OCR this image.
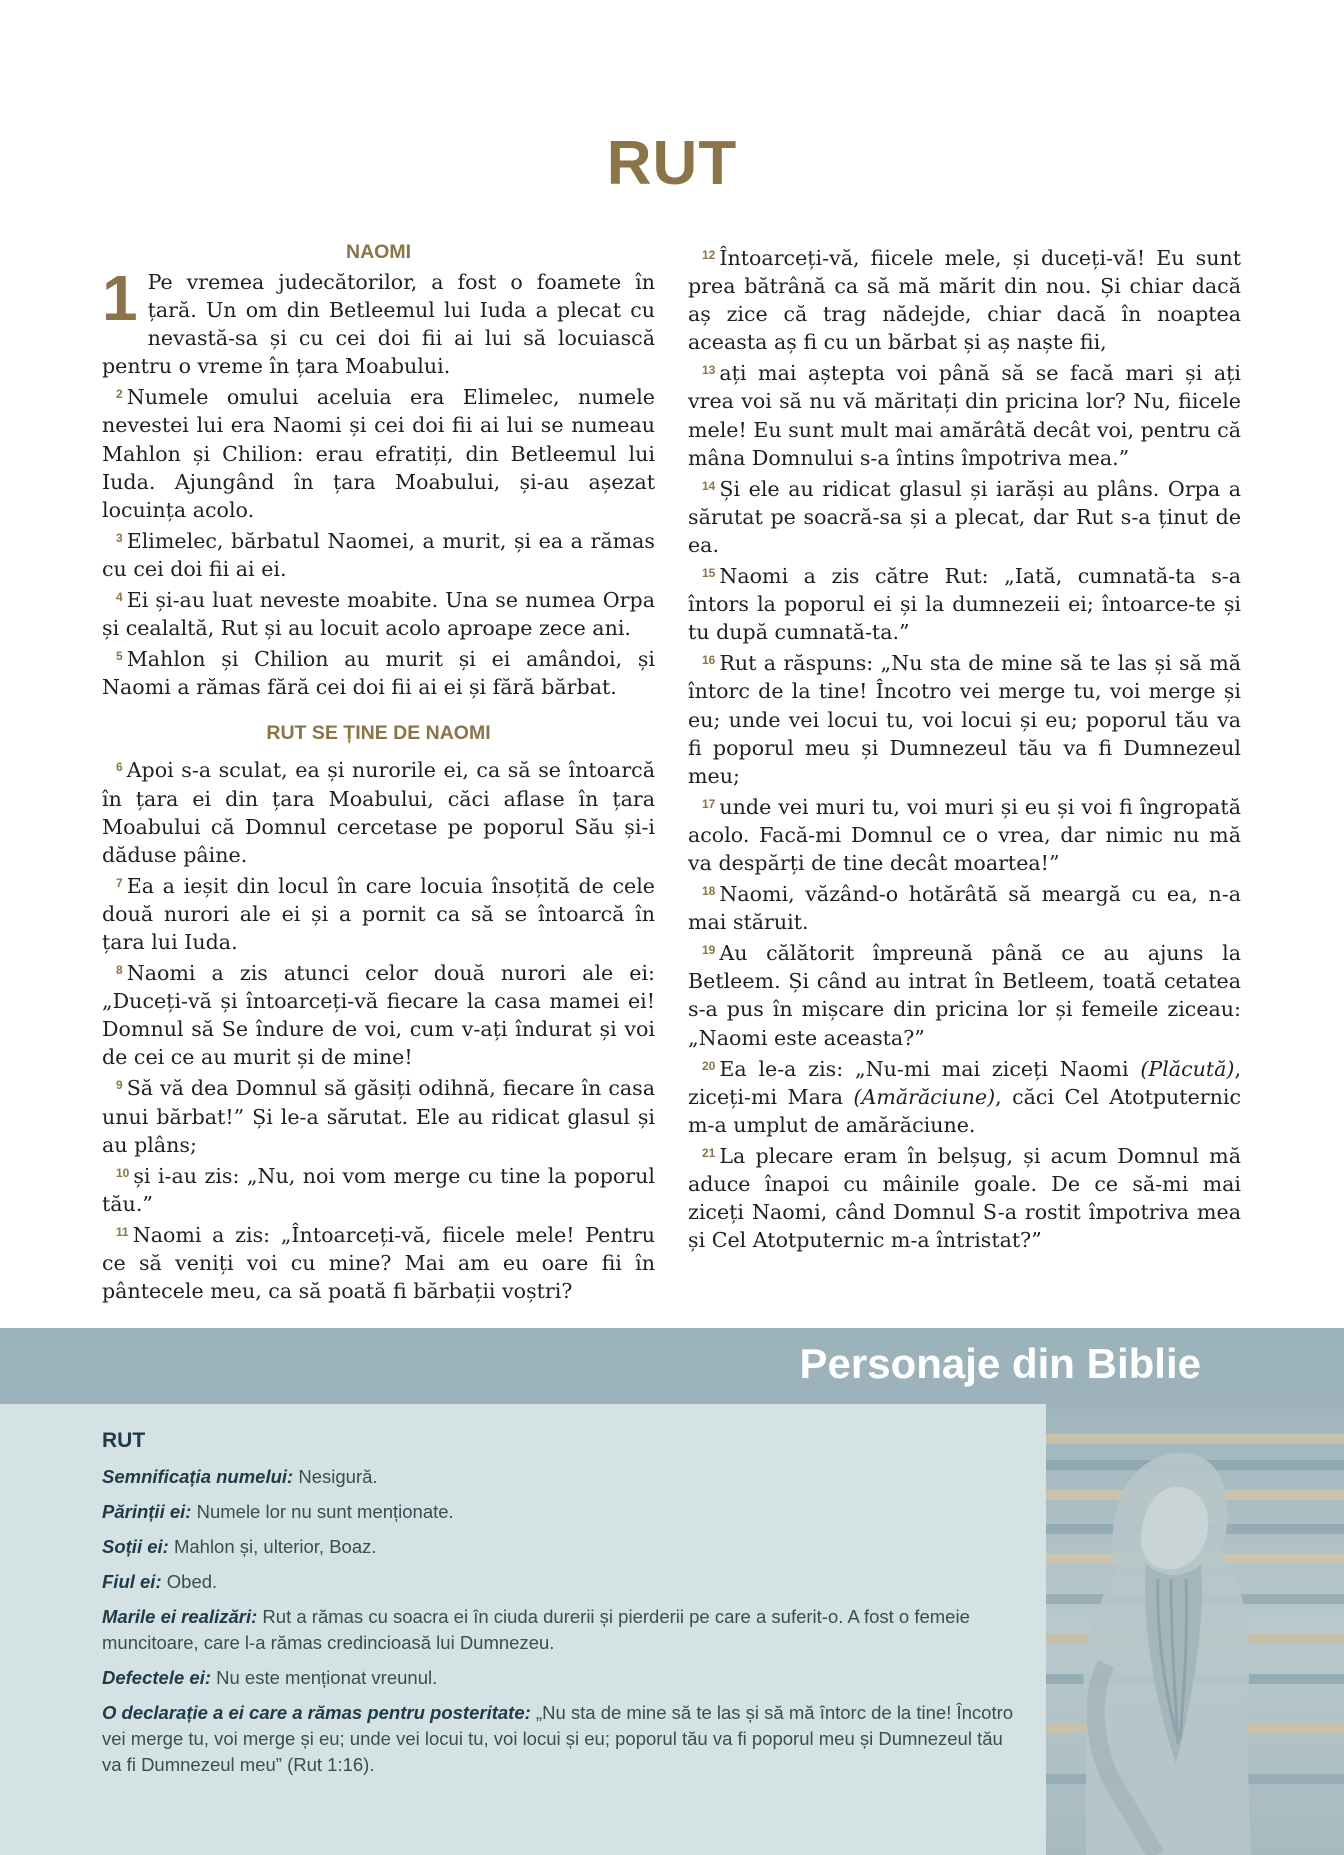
RUT
NAOMI

1 Pe vremea judecătorilor, a fost o foamete în țară. Un om din Betleemul lui Iuda a plecat cu nevastă-sa și cu cei doi fii ai lui să locuiască pentru o vreme în țara Moabului.

$^2$ Numele omului aceluia era Elimelec, numele nevestei lui era Naomi și cei doi fii ai lui se numeau Mahlon și Chilion: erau efratiți, din Betleemul lui Iuda. Ajungând în țara Moabului, și-au așezat locuința acolo.

$^3$ Elimelec, bărbatul Naomei, a murit, și ea a rămas cu cei doi fii ai ei.

$^4$ Ei și-au luat neveste moabite. Una se numea Orpa și cealaltă, Rut și au locuit acolo aproape zece ani.

$^5$ Mahlon și Chilion au murit și ei amândoi, și Naomi a rămas fără cei doi fii ai ei și fără bărbat.

RUT SE ȚINE DE NAOMI

$^6$ Apoi s-a sculat, ea și nurorile ei, ca să se întoarcă în țara ei din țara Moabului, căci aflase în țara Moabului că Domnul cercetase pe poporul Său și-i dăduse pâine.

$^7$ Ea a ieșit din locul în care locuia însoțită de cele două nurori ale ei și a pornit ca să se întoarcă în țara lui Iuda.

$^8$ Naomi a zis atunci celor două nurori ale ei: „Duceți-vă și întoarceți-vă fiecare la casa mamei ei! Domnul să Se îndure de voi, cum v-ați îndurat și voi de cei ce au murit și de mine!

$^9$ Să vă dea Domnul să găsiți odihnă, fiecare în casa unui bărbat!” Și le-a sărutat. Ele au ridicat glasul și au plâns;

$^{10}$ și i-au zis: „Nu, noi vom merge cu tine la poporul tău.”

$^{11}$ Naomi a zis: „Întoarceți-vă, fiicele mele! Pentru ce să veniți voi cu mine? Mai am eu oare fii în pântecele meu, ca să poată fi bărbații voștri?

$^{12}$ Întoarceți-vă, fiicele mele, și duceți-vă! Eu sunt prea bătrână ca să mă mărit din nou. Și chiar dacă aș zice că trag nădejde, chiar dacă în noaptea aceasta aș fi cu un bărbat și aș naște fii,

$^{13}$ ați mai aștepta voi până să se facă mari și ați vrea voi să nu vă măritați din pricina lor? Nu, fiicele mele! Eu sunt mult mai amărâtă decât voi, pentru că mâna Domnului s-a întins împotriva mea.”

$^{14}$ Și ele au ridicat glasul și iarăși au plâns. Orpa a sărutat pe soacră-sa și a plecat, dar Rut s-a ținut de ea.

$^{15}$ Naomi a zis către Rut: „Iată, cumnată-ta s-a întors la poporul ei și la dumnezeii ei; întoarce-te și tu după cumnată-ta.”

$^{16}$ Rut a răspuns: „Nu sta de mine să te las și să mă întorc de la tine! Încotro vei merge tu, voi merge și eu; unde vei locui tu, voi locui și eu; poporul tău va fi poporul meu și Dumnezeul tău va fi Dumnezeul meu;

$^{17}$ unde vei muri tu, voi muri și eu și voi fi îngropată acolo. Facă-mi Domnul ce o vrea, dar nimic nu mă va despărți de tine decât moartea!”

$^{18}$ Naomi, văzând-o hotărâtă să meargă cu ea, n-a mai stăruit.

$^{19}$ Au călătorit împreună până ce au ajuns la Betleem. Și când au intrat în Betleem, toată cetatea s-a pus în mișcare din pricina lor și femeile ziceau: „Naomi este aceasta?”

$^{20}$ Ea le-a zis: „Nu-mi mai ziceți Naomi (Plăcută), ziceți-mi Mara (Amărăciune), căci Cel Atotputernic m-a umplut de amărăciune.

$^{21}$ La plecare eram în belșug, și acum Domnul mă aduce înapoi cu mâinile goale. De ce să-mi mai ziceți Naomi, când Domnul S-a rostit împotriva mea și Cel Atotputernic m-a întristat?”

Personaje din Biblie

RUT

Semnificația numelui: Nesigură.

Părinții ei: Numele lor nu sunt menționate.

Soții ei: Mahlon și, ulterior, Boaz.

Fiul ei: Obed.

Marile ei realizări: Rut a rămas cu soacra ei în ciuda durerii și pierderii pe care a suferit-o. A fost o femeie muncitoare, care l-a rămas credincioasă lui Dumnezeu.

Defectele ei: Nu este menționat vreunul.

O declarație a ei care a rămas pentru posteritate: „Nu sta de mine să te las și să mă întorc de la tine! Încotro vei merge tu, voi merge și eu; unde vei locui tu, voi locui și eu; poporul tău va fi poporul meu și Dumnezeul tău va fi Dumnezeul meu” (Rut 1:16).
